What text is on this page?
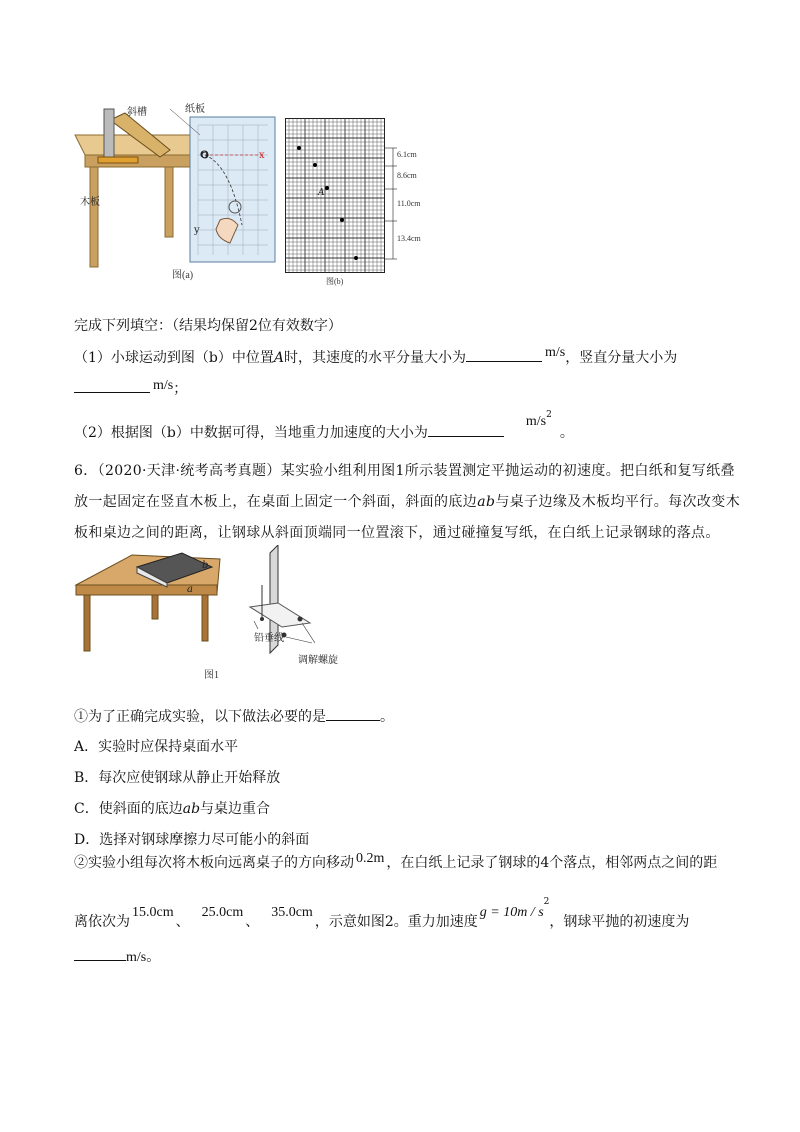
斜槽	纸板
木板
O	x
y
图(a)
A
6.1cm
8.6cm
11.0cm
13.4cm
图(b)
完成下列填空：（结果均保留2位有效数字）
（1）小球运动到图（b）中位置A时，其速度的水平分量大小为	m/s，竖直分量大小为
m/s；
（2）根据图（b）中数据可得，当地重力加速度的大小为$m/s^2$。
6．（2020·天津·统考高考真题）某实验小组利用图1所示装置测定平抛运动的初速度。把白纸和复写纸叠
放一起固定在竖直木板上，在桌面上固定一个斜面，斜面的底边ab与桌子边缘及木板均平行。每次改变木
板和桌边之间的距离，让钢球从斜面顶端同一位置滚下，通过碰撞复写纸，在白纸上记录钢球的落点。
b
a
铅垂线
调解螺旋
图1
①为了正确完成实验，以下做法必要的是	。
A．实验时应保持桌面水平
B．每次应使钢球从静止开始释放
C．使斜面的底边ab与桌边重合
D．选择对钢球摩擦力尽可能小的斜面
②实验小组每次将木板向远离桌子的方向移动 0.2m ，在白纸上记录了钢球的4个落点，相邻两点之间的距
离依次为15.0cm、25.0cm、35.0cm，示意如图2。重力加速度$g = 10m / s^2$，钢球平抛的初速度为
m/s。
